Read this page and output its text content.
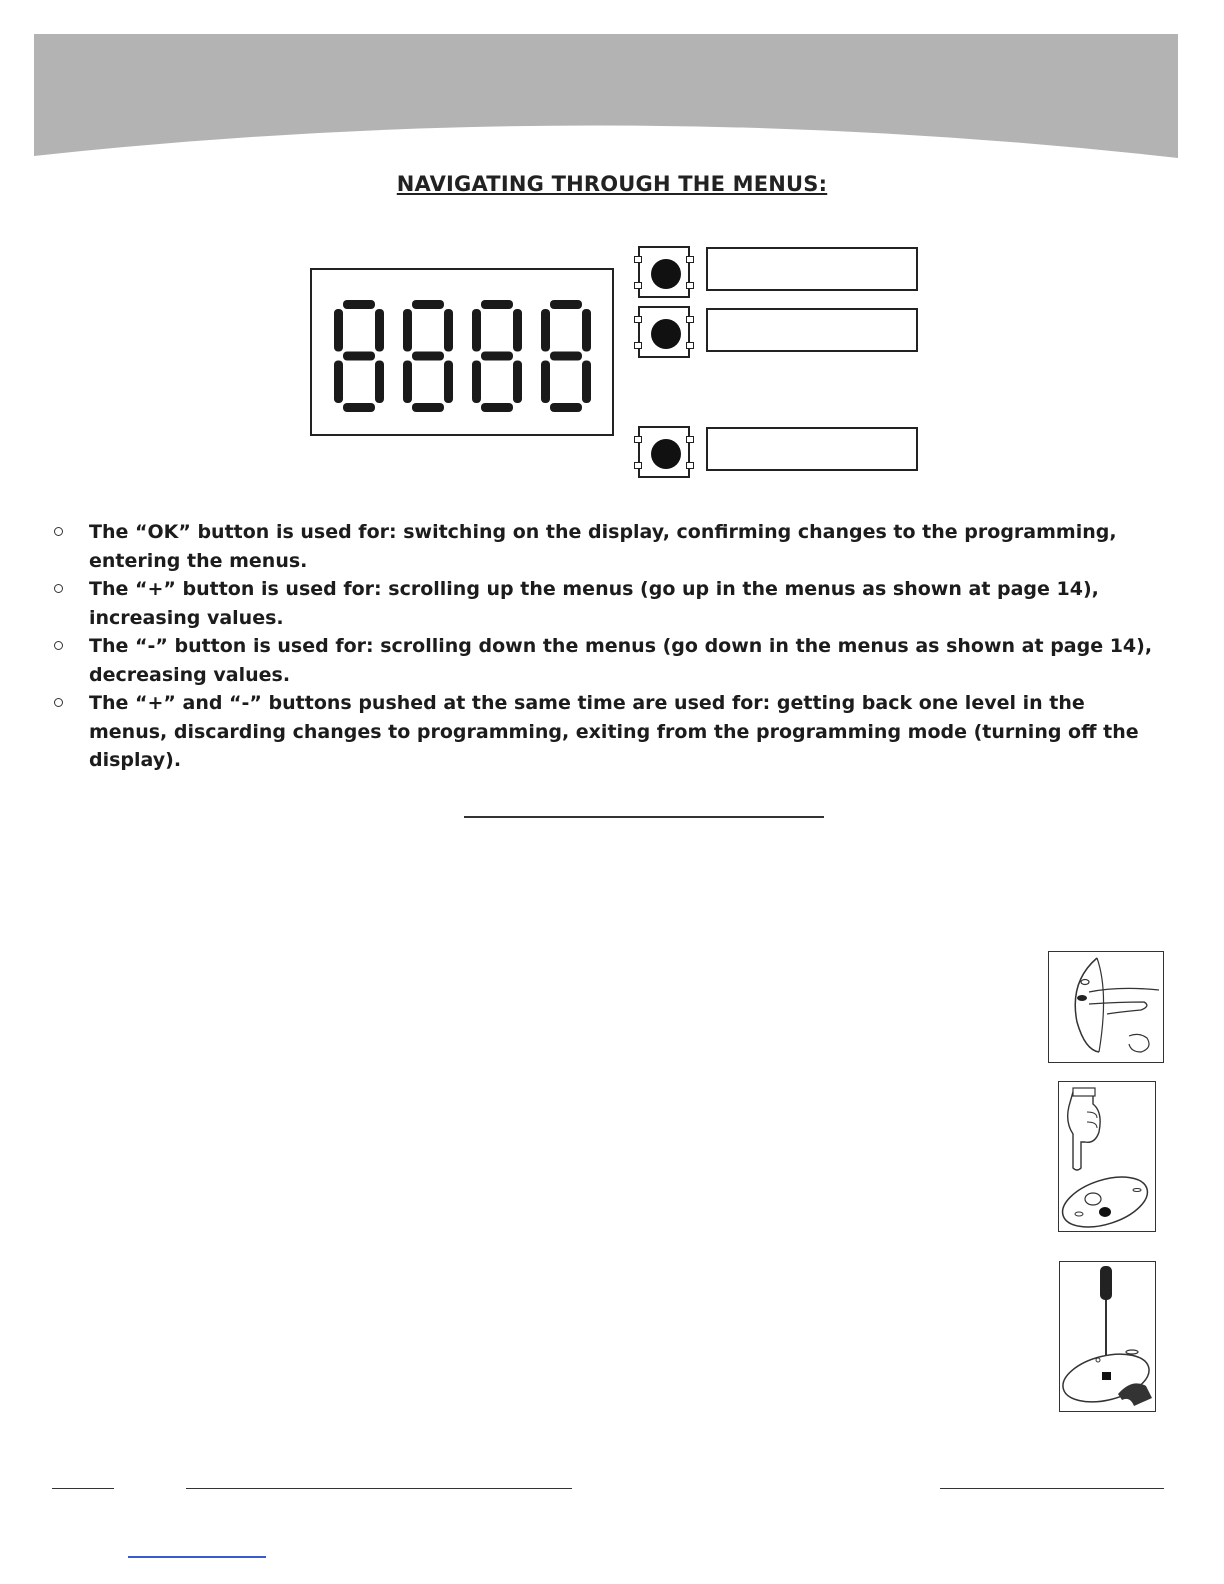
NAVIGATING THROUGH THE MENUS:
The “OK” button is used for: switching on the display, confirming changes to the programming, entering the menus.
The “+” button is used for: scrolling up the menus (go up in the menus as shown at page 14), increasing values.
The “-” button is used for: scrolling down the menus (go down in the menus as shown at page 14), decreasing values.
The “+” and “-” buttons pushed at the same time are used for: getting back one level in the menus, discarding changes to programming, exiting from the programming mode (turning off the display).
